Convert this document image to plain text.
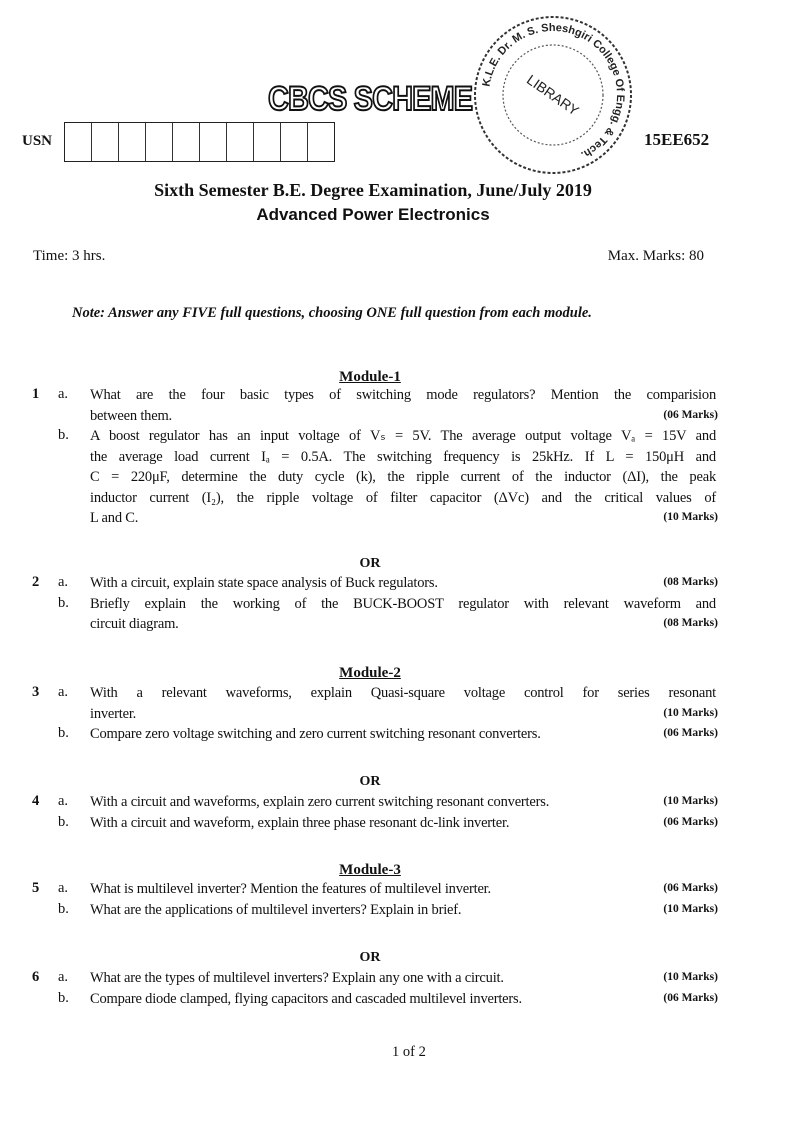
CBCS SCHEME K.L.E. Dr. M. S. Sheshgiri College Of Engg. & Tech.
LIBRARY
USN	15EE652
Sixth Semester B.E. Degree Examination, June/July 2019
Advanced Power Electronics
Time: 3 hrs.	Max. Marks: 80
Note: Answer any FIVE full questions, choosing ONE full question from each module.
1 of 2
Module-1
Module-2
Module-3
OR
OR
OR
1 a. What are the four basic types of switching mode regulators? Mention the comparision
between them.	(06 Marks)
b. A boost regulator has an input voltage of Vₛ = 5V. The average output voltage Vₐ = 15V and
the average load current Iₐ = 0.5A. The switching frequency is 25kHz. If L = 150μH and
C = 220μF, determine the duty cycle (k), the ripple current of the inductor (ΔI), the peak
inductor current (I₂), the ripple voltage of filter capacitor (ΔVc) and the critical values of
L and C.	(10 Marks)
2 a. With a circuit, explain state space analysis of Buck regulators.	(08 Marks)
b. Briefly explain the working of the BUCK-BOOST regulator with relevant waveform and
circuit diagram.	(08 Marks)
3 a. With a relevant waveforms, explain Quasi-square voltage control for series resonant
inverter.	(10 Marks)
b. Compare zero voltage switching and zero current switching resonant converters.	(06 Marks)
4 a. With a circuit and waveforms, explain zero current switching resonant converters.	(10 Marks)
b. With a circuit and waveform, explain three phase resonant dc-link inverter.	(06 Marks)
5 a. What is multilevel inverter? Mention the features of multilevel inverter.	(06 Marks)
b. What are the applications of multilevel inverters? Explain in brief.	(10 Marks)
6 a. What are the types of multilevel inverters? Explain any one with a circuit.	(10 Marks)
b. Compare diode clamped, flying capacitors and cascaded multilevel inverters.	(06 Marks)
